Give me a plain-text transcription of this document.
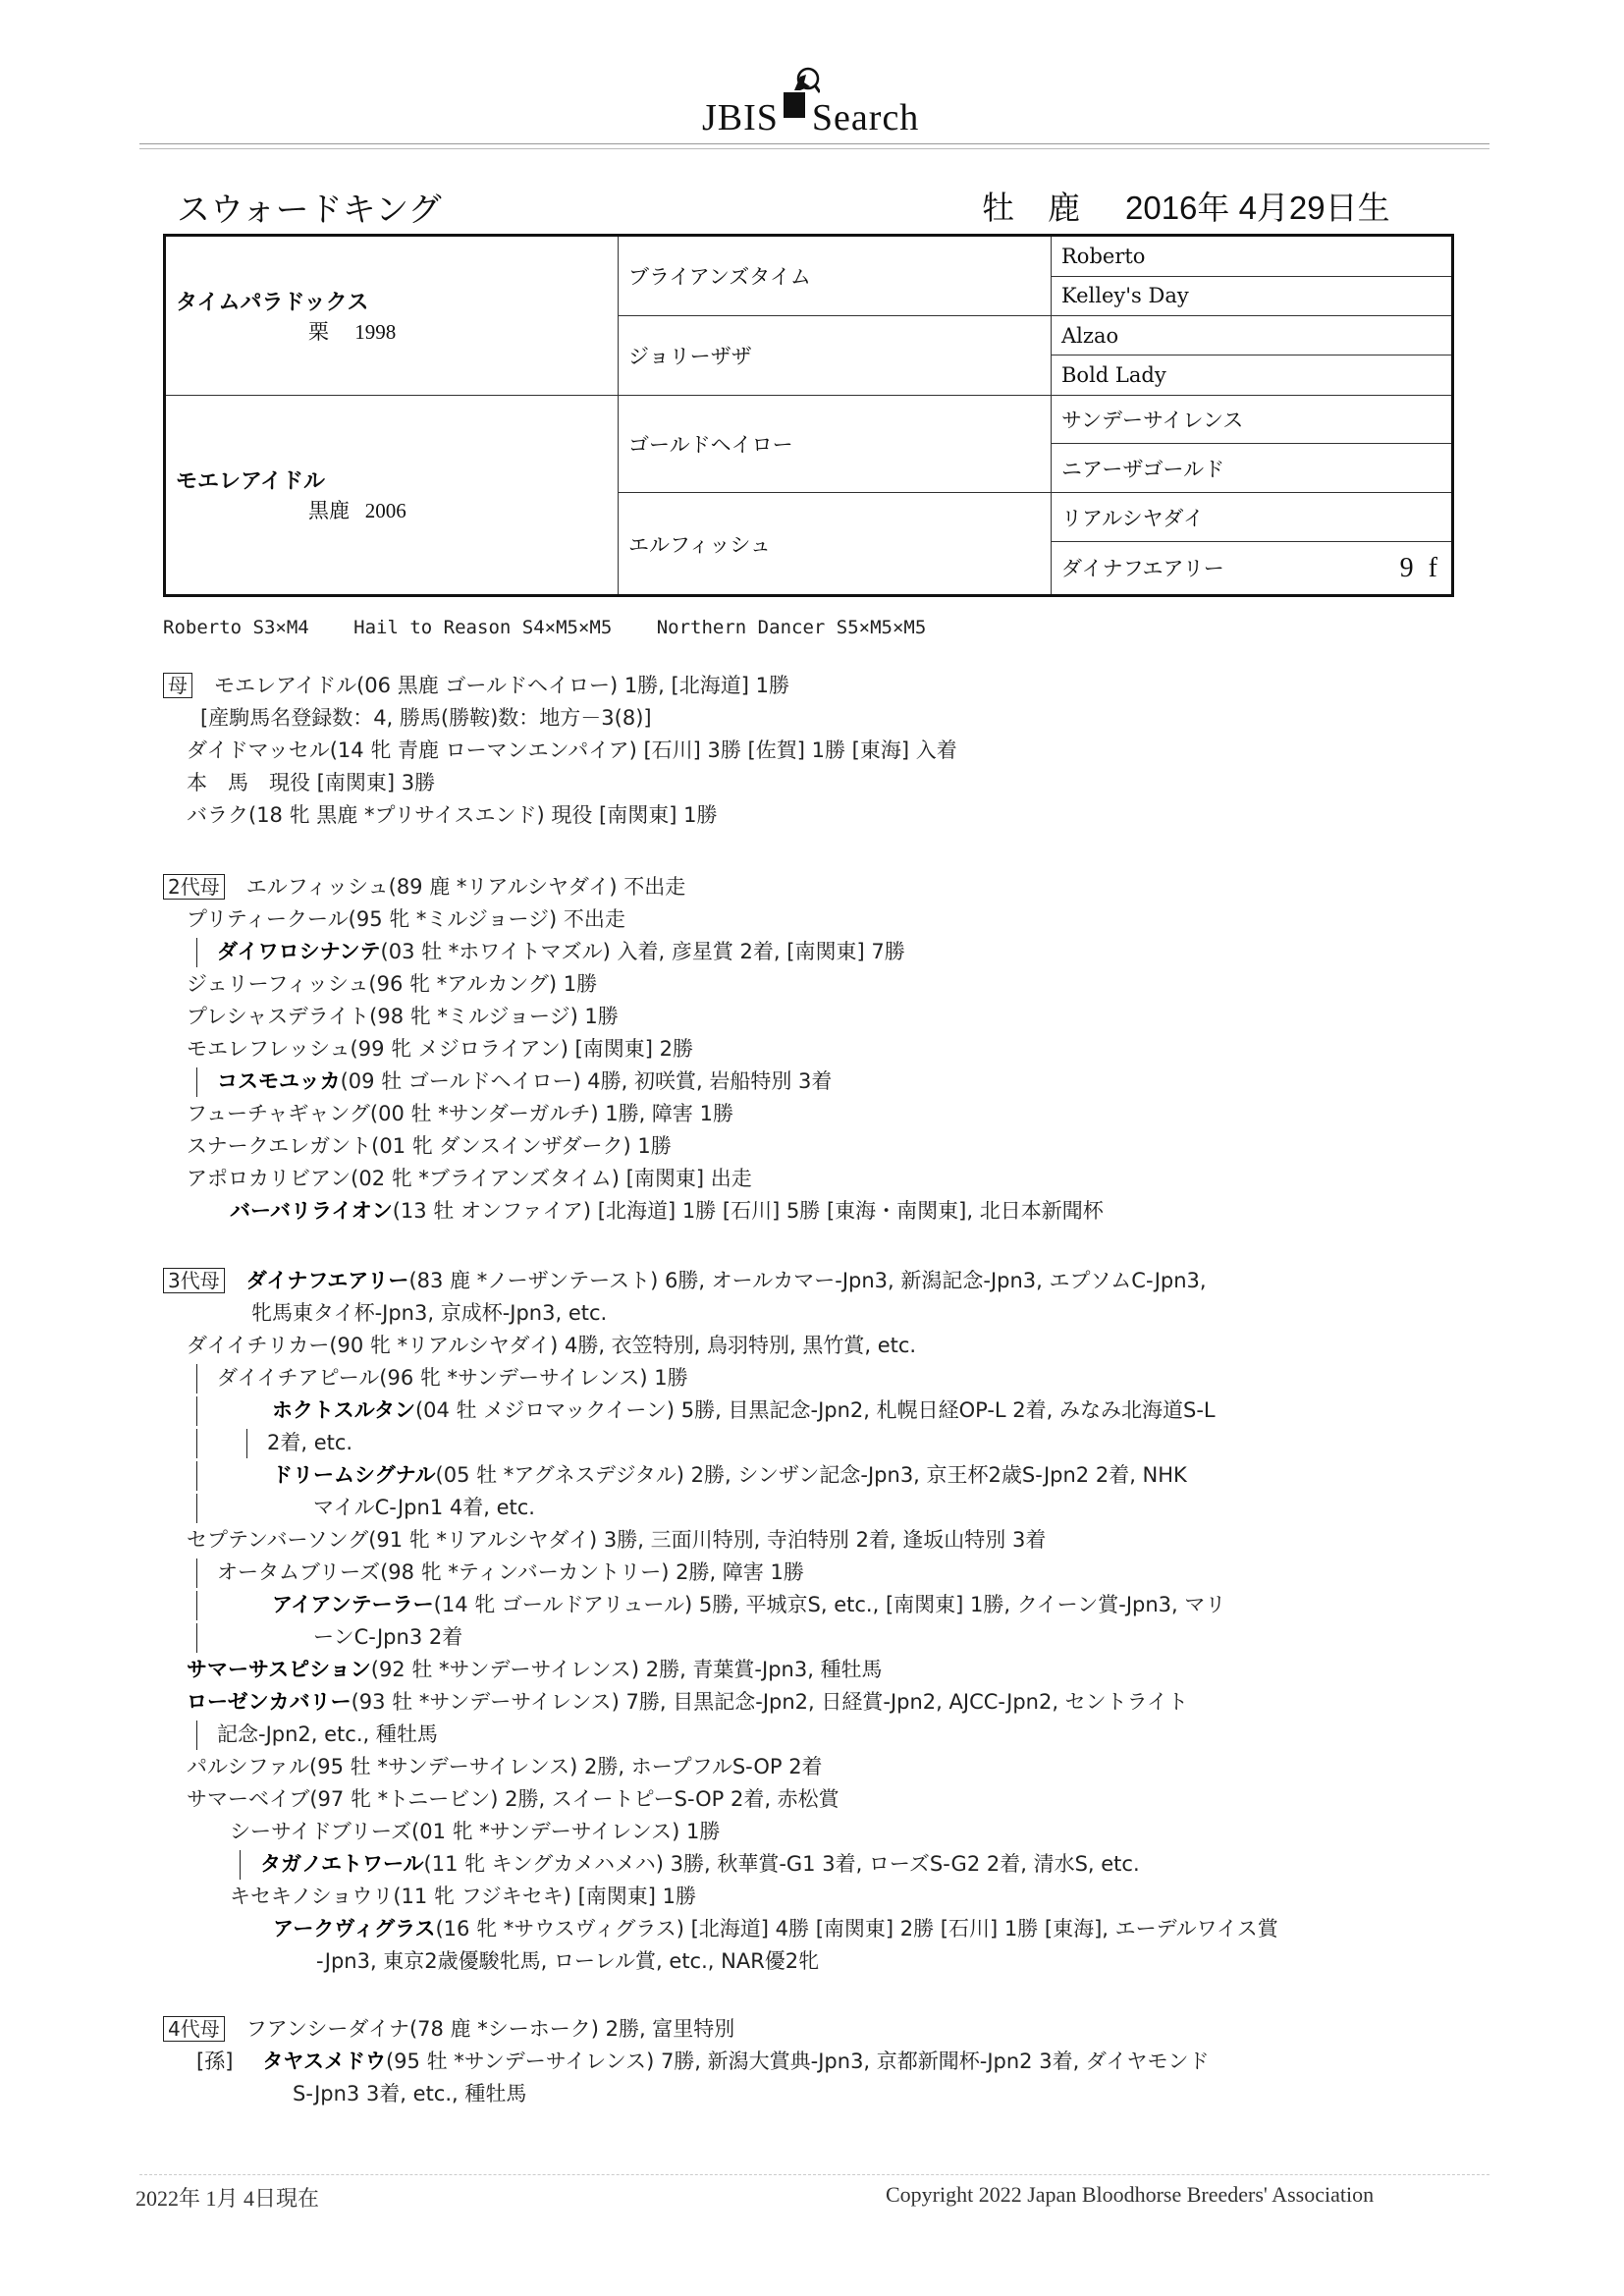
JBIS Search
スウォードキング	牡 鹿 2016年 4月29日生
タイムパラドックス
栗 1998	ブライアンズタイム	Roberto
		Kelley's Day
	ジョリーザザ	Alzao
		Bold Lady

モエレアイドル
黒鹿 2006	ゴールドヘイロー	サンデーサイレンス
		ニアーザゴールド
	エルフィッシュ	リアルシヤダイ
		ダイナフエアリー 9 f
Roberto S3×M4 Hail to Reason S4×M5×M5 Northern Dancer S5×M5×M5
母 モエレアイドル(06 黒鹿 ゴールドヘイロー) 1勝, [北海道] 1勝
[産駒馬名登録数：4, 勝馬(勝鞍)数：地方－3(8)]
ダイドマッセル(14 牝 青鹿 ローマンエンパイア) [石川] 3勝 [佐賀] 1勝 [東海] 入着
本　馬　現役 [南関東] 3勝
バラク(18 牝 黒鹿 *プリサイスエンド) 現役 [南関東] 1勝
2代母 エルフィッシュ(89 鹿 *リアルシヤダイ) 不出走
プリティークール(95 牝 *ミルジョージ) 不出走
ダイワロシナンテ(03 牡 *ホワイトマズル) 入着, 彦星賞 2着, [南関東] 7勝
ジェリーフィッシュ(96 牝 *アルカング) 1勝
プレシャスデライト(98 牝 *ミルジョージ) 1勝
モエレフレッシュ(99 牝 メジロライアン) [南関東] 2勝
コスモユッカ(09 牡 ゴールドヘイロー) 4勝, 初咲賞, 岩船特別 3着
フューチャギャング(00 牡 *サンダーガルチ) 1勝, 障害 1勝
スナークエレガント(01 牝 ダンスインザダーク) 1勝
アポロカリビアン(02 牝 *ブライアンズタイム) [南関東] 出走
バーバリライオン(13 牡 オンファイア) [北海道] 1勝 [石川] 5勝 [東海・南関東], 北日本新聞杯
3代母 ダイナフエアリー(83 鹿 *ノーザンテースト) 6勝, オールカマー-Jpn3, 新潟記念-Jpn3, エプソムC-Jpn3,
牝馬東タイ杯-Jpn3, 京成杯-Jpn3, etc.
ダイイチリカー(90 牝 *リアルシヤダイ) 4勝, 衣笠特別, 鳥羽特別, 黒竹賞, etc.
ダイイチアピール(96 牝 *サンデーサイレンス) 1勝
ホクトスルタン(04 牡 メジロマックイーン) 5勝, 目黒記念-Jpn2, 札幌日経OP-L 2着, みなみ北海道S-L
2着, etc.
ドリームシグナル(05 牡 *アグネスデジタル) 2勝, シンザン記念-Jpn3, 京王杯2歳S-Jpn2 2着, NHK
マイルC-Jpn1 4着, etc.
セプテンバーソング(91 牝 *リアルシヤダイ) 3勝, 三面川特別, 寺泊特別 2着, 逢坂山特別 3着
オータムブリーズ(98 牝 *ティンバーカントリー) 2勝, 障害 1勝
アイアンテーラー(14 牝 ゴールドアリュール) 5勝, 平城京S, etc., [南関東] 1勝, クイーン賞-Jpn3, マリ
ーンC-Jpn3 2着
サマーサスピション(92 牡 *サンデーサイレンス) 2勝, 青葉賞-Jpn3, 種牡馬
ローゼンカバリー(93 牡 *サンデーサイレンス) 7勝, 目黒記念-Jpn2, 日経賞-Jpn2, AJCC-Jpn2, セントライト
記念-Jpn2, etc., 種牡馬
パルシファル(95 牡 *サンデーサイレンス) 2勝, ホープフルS-OP 2着
サマーベイブ(97 牝 *トニービン) 2勝, スイートピーS-OP 2着, 赤松賞
シーサイドブリーズ(01 牝 *サンデーサイレンス) 1勝
タガノエトワール(11 牝 キングカメハメハ) 3勝, 秋華賞-G1 3着, ローズS-G2 2着, 清水S, etc.
キセキノショウリ(11 牝 フジキセキ) [南関東] 1勝
アークヴィグラス(16 牝 *サウスヴィグラス) [北海道] 4勝 [南関東] 2勝 [石川] 1勝 [東海], エーデルワイス賞
-Jpn3, 東京2歳優駿牝馬, ローレル賞, etc., NAR優2牝
4代母 フアンシーダイナ(78 鹿 *シーホーク) 2勝, 富里特別
[孫] タヤスメドウ(95 牡 *サンデーサイレンス) 7勝, 新潟大賞典-Jpn3, 京都新聞杯-Jpn2 3着, ダイヤモンド
S-Jpn3 3着, etc., 種牡馬
2022年 1月 4日現在	Copyright 2022 Japan Bloodhorse Breeders' Association
